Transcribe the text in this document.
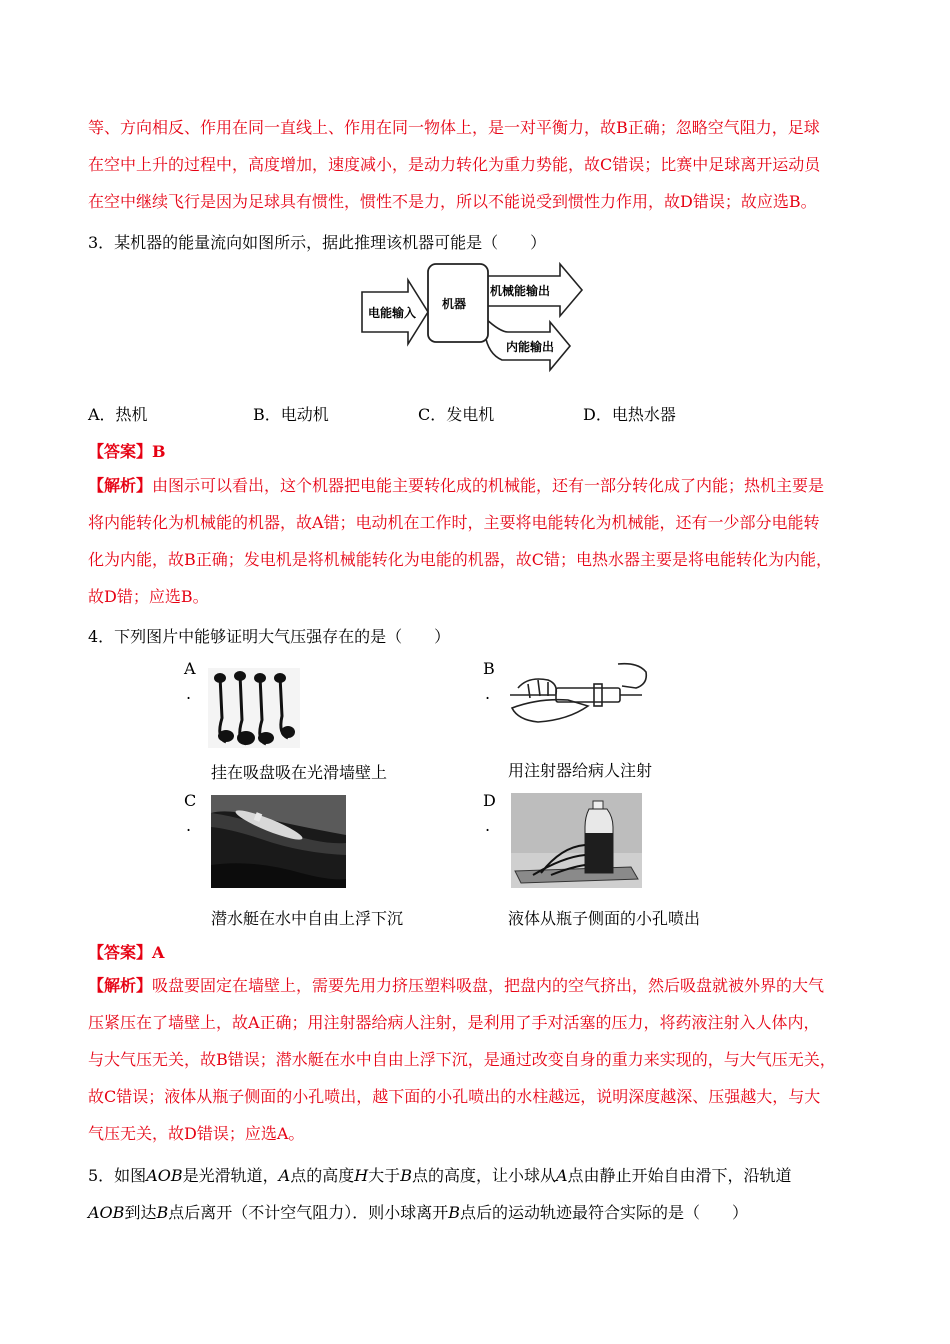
等、方向相反、作用在同一直线上、作用在同一物体上，是一对平衡力，故B正确；忽略空气阻力，足球
在空中上升的过程中，高度增加，速度减小，是动力转化为重力势能，故C错误；比赛中足球离开运动员
在空中继续飞行是因为足球具有惯性，惯性不是力，所以不能说受到惯性力作用，故D错误；故应选B。
3．某机器的能量流向如图所示，据此推理该机器可能是（　　）
电能输入
机械能输出
内能输出
机器
A．热机	B．电动机	C．发电机	D．电热水器
【答案】B
【解析】由图示可以看出，这个机器把电能主要转化成的机械能，还有一部分转化成了内能；热机主要是
将内能转化为机械能的机器，故A错；电动机在工作时，主要将电能转化为机械能，还有一少部分电能转
化为内能，故B正确；发电机是将机械能转化为电能的机器，故C错；电热水器主要是将电能转化为内能，
故D错；应选B。
4．下列图片中能够证明大气压强存在的是（　　）
A
.
挂在吸盘吸在光滑墙壁上
B
.
用注射器给病人注射
C
.
潜水艇在水中自由上浮下沉
D
.
液体从瓶子侧面的小孔喷出
【答案】A
【解析】吸盘要固定在墙壁上，需要先用力挤压塑料吸盘，把盘内的空气挤出，然后吸盘就被外界的大气
压紧压在了墙壁上，故A正确；用注射器给病人注射，是利用了手对活塞的压力，将药液注射入人体内，
与大气压无关，故B错误；潜水艇在水中自由上浮下沉，是通过改变自身的重力来实现的，与大气压无关，
故C错误；液体从瓶子侧面的小孔喷出，越下面的小孔喷出的水柱越远，说明深度越深、压强越大，与大
气压无关，故D错误；应选A。
5．如图AOB是光滑轨道，A点的高度H大于B点的高度，让小球从A点由静止开始自由滑下，沿轨道
AOB到达B点后离开（不计空气阻力）．则小球离开B点后的运动轨迹最符合实际的是（　　）
